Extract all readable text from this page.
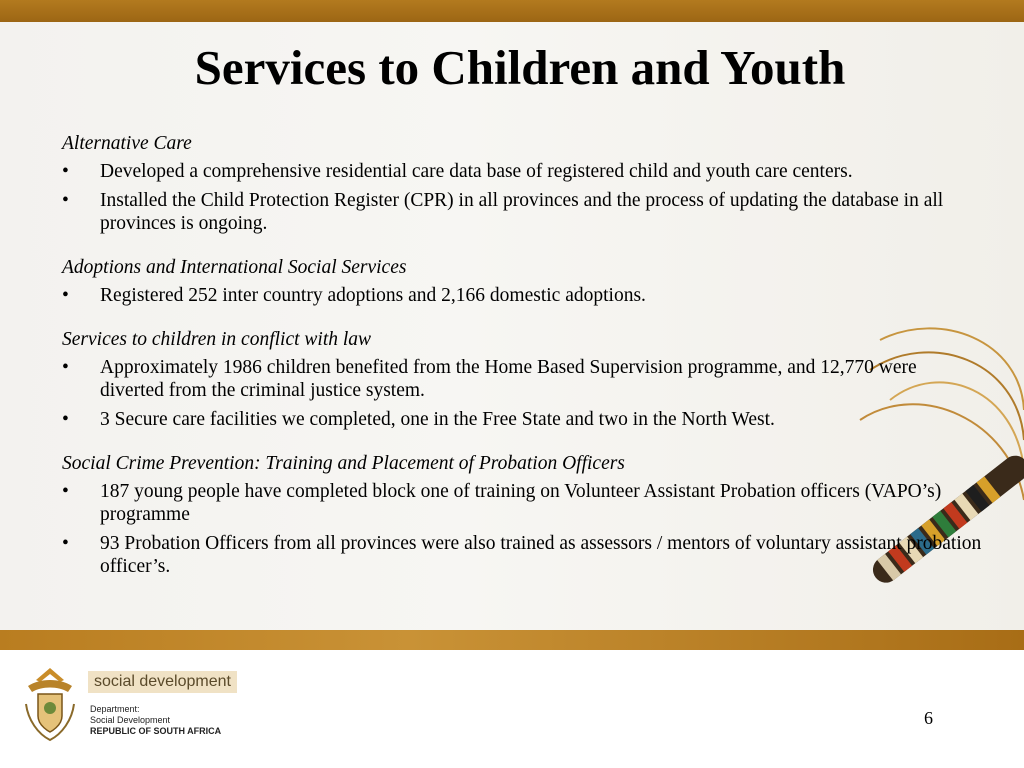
Services to Children and Youth

Alternative Care

• Developed a comprehensive residential care data base of registered child and youth care centers.
• Installed the Child Protection Register (CPR) in all provinces and the process of updating the database in all provinces is ongoing.

Adoptions and International Social Services

• Registered 252 inter country adoptions and 2,166 domestic adoptions.

Services to children in conflict with law

• Approximately 1986 children benefited from the Home Based Supervision programme, and 12,770 were diverted from the criminal justice system.
• 3 Secure care facilities we completed, one in the Free State and two in the North West.

Social Crime Prevention: Training and Placement of Probation Officers

• 187 young people have completed block one of training on Volunteer Assistant Probation officers (VAPO’s) programme
• 93 Probation Officers from all provinces were also trained as assessors / mentors of voluntary assistant probation officer’s.
social development
Department:
Social Development
REPUBLIC OF SOUTH AFRICA
6
